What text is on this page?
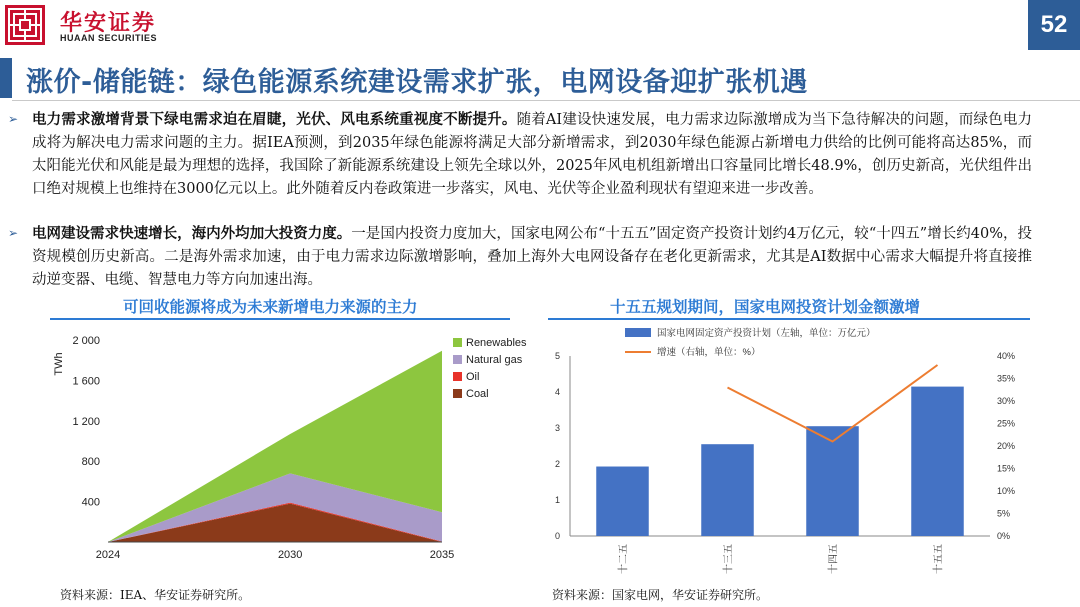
华安证券
HUAAN SECURITIES	52
涨价-储能链：绿色能源系统建设需求扩张，电网设备迎扩张机遇
➢ 电力需求激增背景下绿电需求迫在眉睫，光伏、风电系统重视度不断提升。随着AI建设快速发展，电力需求边际激增成为当下急待解决的问题，而绿色电力成将为解决电力需求问题的主力。据IEA预测，到2035年绿色能源将满足大部分新增需求，到2030年绿色能源占新增电力供给的比例可能将高达85%，而太阳能光伏和风能是最为理想的选择，我国除了新能源系统建设上领先全球以外，2025年风电机组新增出口容量同比增长48.9%，创历史新高，光伏组件出口绝对规模上也维持在3000亿元以上。此外随着反内卷政策进一步落实，风电、光伏等企业盈利现状有望迎来进一步改善。
➢ 电网建设需求快速增长，海内外均加大投资力度。一是国内投资力度加大，国家电网公布“十五五”固定资产投资计划约4万亿元，较“十四五”增长约40%，投资规模创历史新高。二是海外需求加速，由于电力需求边际激增影响，叠加上海外大电网设备存在老化更新需求，尤其是AI数据中心需求大幅提升将直接推动逆变器、电缆、智慧电力等方向加速出海。
可回收能源将成为未来新增电力来源的主力	十五五规划期间，国家电网投资计划金额激增
TWh
400
800
1 200
1 600
2 000
2024	2030	2035
Renewables
Natural gas
Oil
Coal
国家电网固定资产投资计划（左轴，单位：万亿元）
增速（右轴，单位：%）
0
1
2
3
4
5
0%
5%
10%
15%
20%
25%
30%
35%
40%
十二五	十三五	十四五	十五五
资料来源：IEA、华安证券研究所。	资料来源：国家电网，华安证券研究所。
